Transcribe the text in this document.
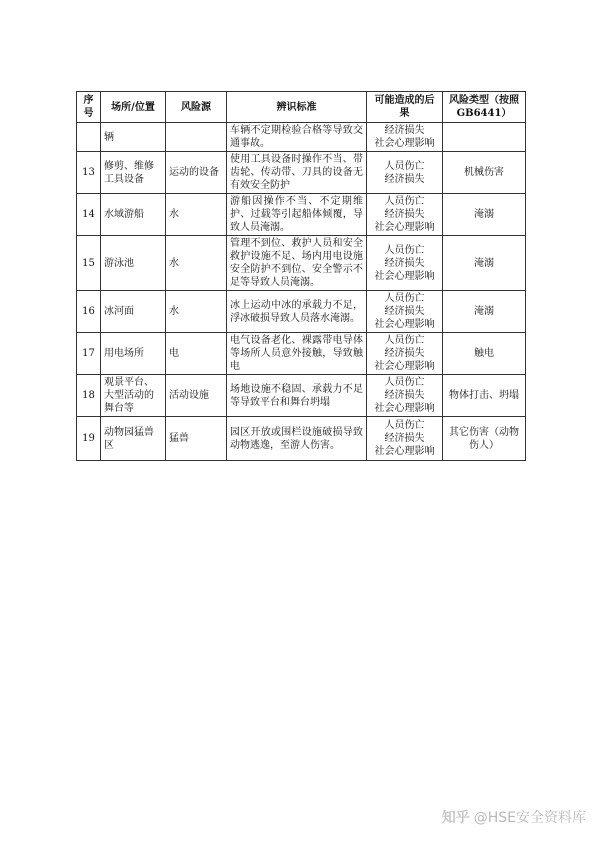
序号	场所/位置	风险源	辨识标准	可能造成的后果	风险类型（按照 GB6441）
	辆		车辆不定期检验合格等导致交通事故。	经济损失
社会心理影响	

13	修剪、维修工具设备	运动的设备	使用工具设备时操作不当、带齿轮、传动带、刀具的设备无有效安全防护	人员伤亡
经济损失	机械伤害
14	水域游船	水	游船因操作不当、不定期维护、过载等引起船体倾覆，导致人员淹溺。	人员伤亡
经济损失
社会心理影响	淹溺
15	游泳池	水	管理不到位、救护人员和安全救护设施不足、场内用电设施安全防护不到位、安全警示不足等导致人员淹溺。	人员伤亡
经济损失
社会心理影响	淹溺
16	冰河面	水	冰上运动中冰的承载力不足，浮冰破损导致人员落水淹溺。	人员伤亡
经济损失
社会心理影响	淹溺
17	用电场所	电	电气设备老化、裸露带电导体等场所人员意外接触，导致触电	人员伤亡
经济损失
社会心理影响	触电
18	观景平台、大型活动的舞台等	活动设施	场地设施不稳固、承载力不足等导致平台和舞台坍塌	人员伤亡
经济损失
社会心理影响	物体打击、坍塌
19	动物园猛兽区	猛兽	园区开放或围栏设施破损导致动物逃逸，至游人伤害。	人员伤亡
经济损失
社会心理影响	其它伤害（动物伤人）
知乎 @HSE安全资料库
